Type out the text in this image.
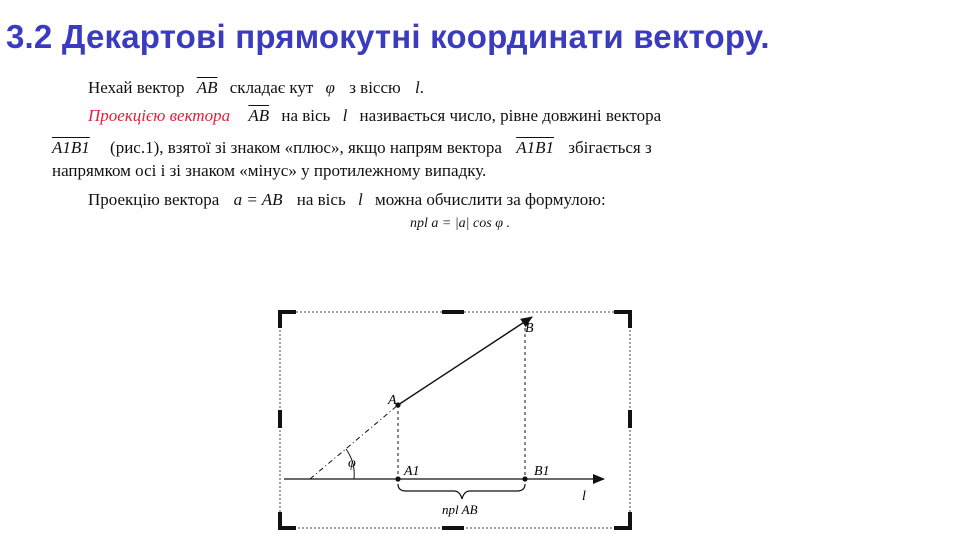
3.2 Декартові прямокутні координати вектору.
Нехай вектор $\overline{AB}$ складає кут φ з віссю l.
Проекцією вектора $\overline{AB}$ на вісь l називається число, рівне довжині вектора
A1B1 (рис.1), взятої зі знаком «плюс», якщо напрям вектора A1B1 збігається з
напрямком осі і зі знаком «мінус» у протилежному випадку.
Проекцію вектора a = AB на вісь l можна обчислити за формулою:
npl a = |a| cos φ .
B
A
φ
A1	B1
l
npl AB
